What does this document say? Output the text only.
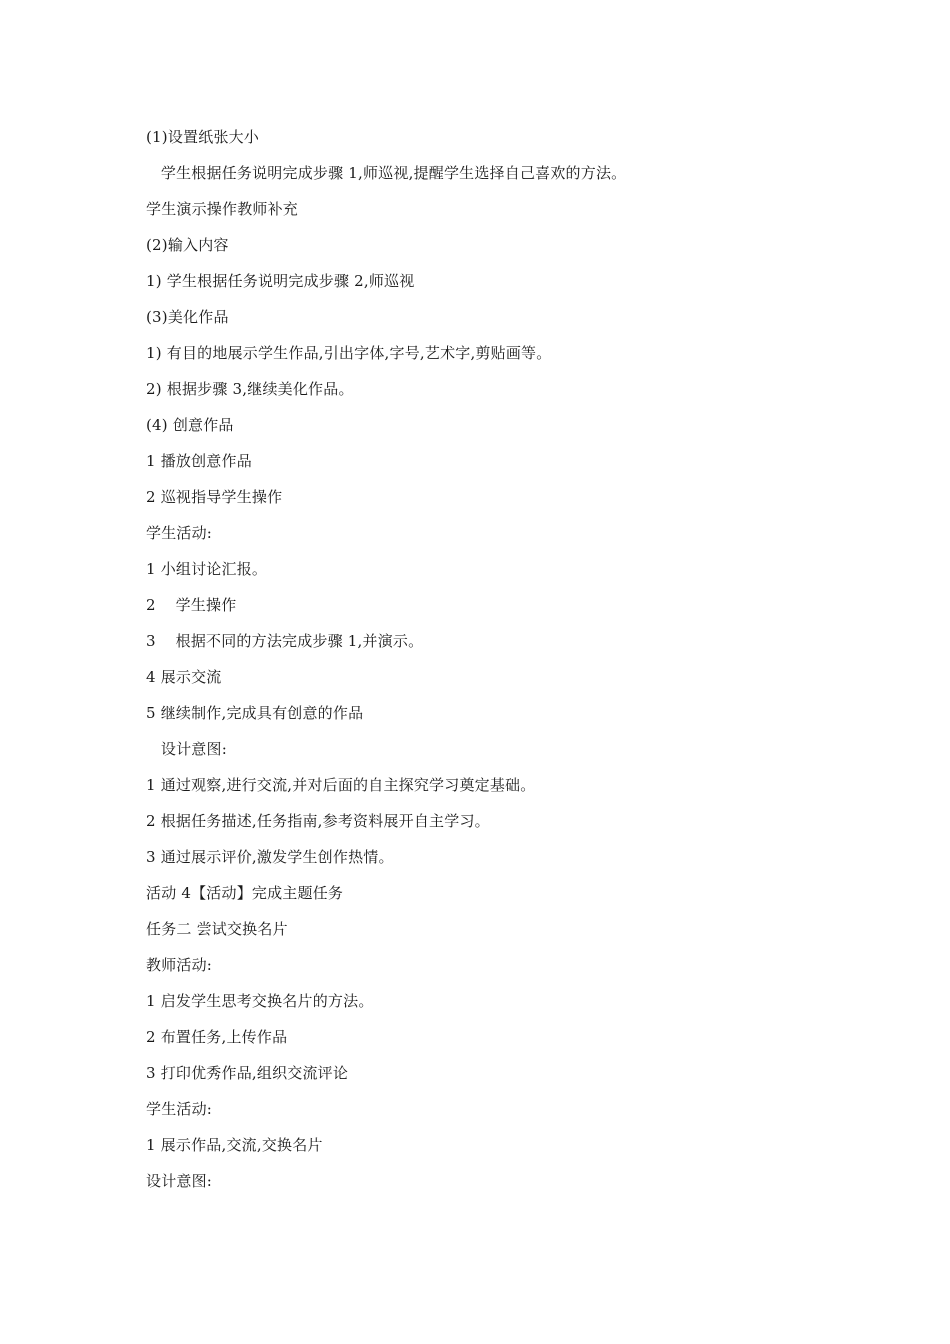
(1)设置纸张大小
学生根据任务说明完成步骤 1,师巡视,提醒学生选择自己喜欢的方法。
学生演示操作教师补充
(2)输入内容
1) 学生根据任务说明完成步骤 2,师巡视
(3)美化作品
1) 有目的地展示学生作品,引出字体,字号,艺术字,剪贴画等。
2) 根据步骤 3,继续美化作品。
(4) 创意作品
1 播放创意作品
2 巡视指导学生操作
学生活动:
1 小组讨论汇报。
2    学生操作
3    根据不同的方法完成步骤 1,并演示。
4 展示交流
5 继续制作,完成具有创意的作品
设计意图:
1 通过观察,进行交流,并对后面的自主探究学习奠定基础。
2 根据任务描述,任务指南,参考资料展开自主学习。
3 通过展示评价,激发学生创作热情。
活动 4【活动】完成主题任务
任务二 尝试交换名片
教师活动:
1 启发学生思考交换名片的方法。
2 布置任务,上传作品
3 打印优秀作品,组织交流评论
学生活动:
1 展示作品,交流,交换名片
设计意图:
